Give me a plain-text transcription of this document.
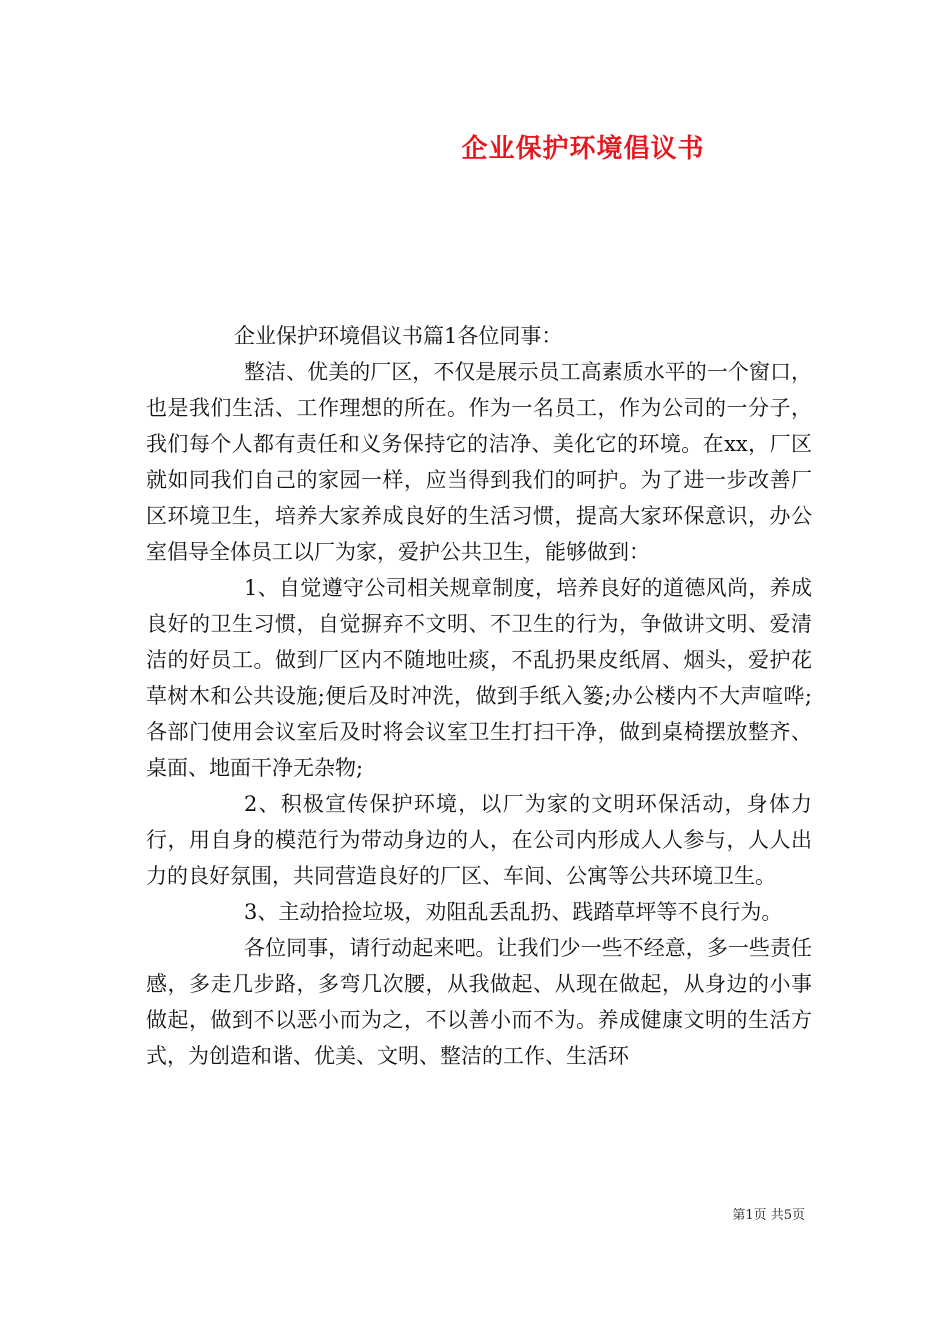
企业保护环境倡议书

企业保护环境倡议书篇1各位同事：

整洁、优美的厂区，不仅是展示员工高素质水平的一个窗口，也是我们生活、工作理想的所在。作为一名员工，作为公司的一分子，我们每个人都有责任和义务保持它的洁净、美化它的环境。在xx，厂区就如同我们自己的家园一样，应当得到我们的呵护。为了进一步改善厂区环境卫生，培养大家养成良好的生活习惯，提高大家环保意识，办公室倡导全体员工以厂为家，爱护公共卫生，能够做到：

1、自觉遵守公司相关规章制度，培养良好的道德风尚，养成良好的卫生习惯，自觉摒弃不文明、不卫生的行为，争做讲文明、爱清洁的好员工。做到厂区内不随地吐痰，不乱扔果皮纸屑、烟头，爱护花草树木和公共设施;便后及时冲洗，做到手纸入篓;办公楼内不大声喧哗;各部门使用会议室后及时将会议室卫生打扫干净，做到桌椅摆放整齐、桌面、地面干净无杂物;

2、积极宣传保护环境，以厂为家的文明环保活动，身体力行，用自身的模范行为带动身边的人，在公司内形成人人参与，人人出力的良好氛围，共同营造良好的厂区、车间、公寓等公共环境卫生。

3、主动拾捡垃圾，劝阻乱丢乱扔、践踏草坪等不良行为。

各位同事，请行动起来吧。让我们少一些不经意，多一些责任感，多走几步路，多弯几次腰，从我做起、从现在做起，从身边的小事做起，做到不以恶小而为之，不以善小而不为。养成健康文明的生活方式，为创造和谐、优美、文明、整洁的工作、生活环

第1页 共5页
